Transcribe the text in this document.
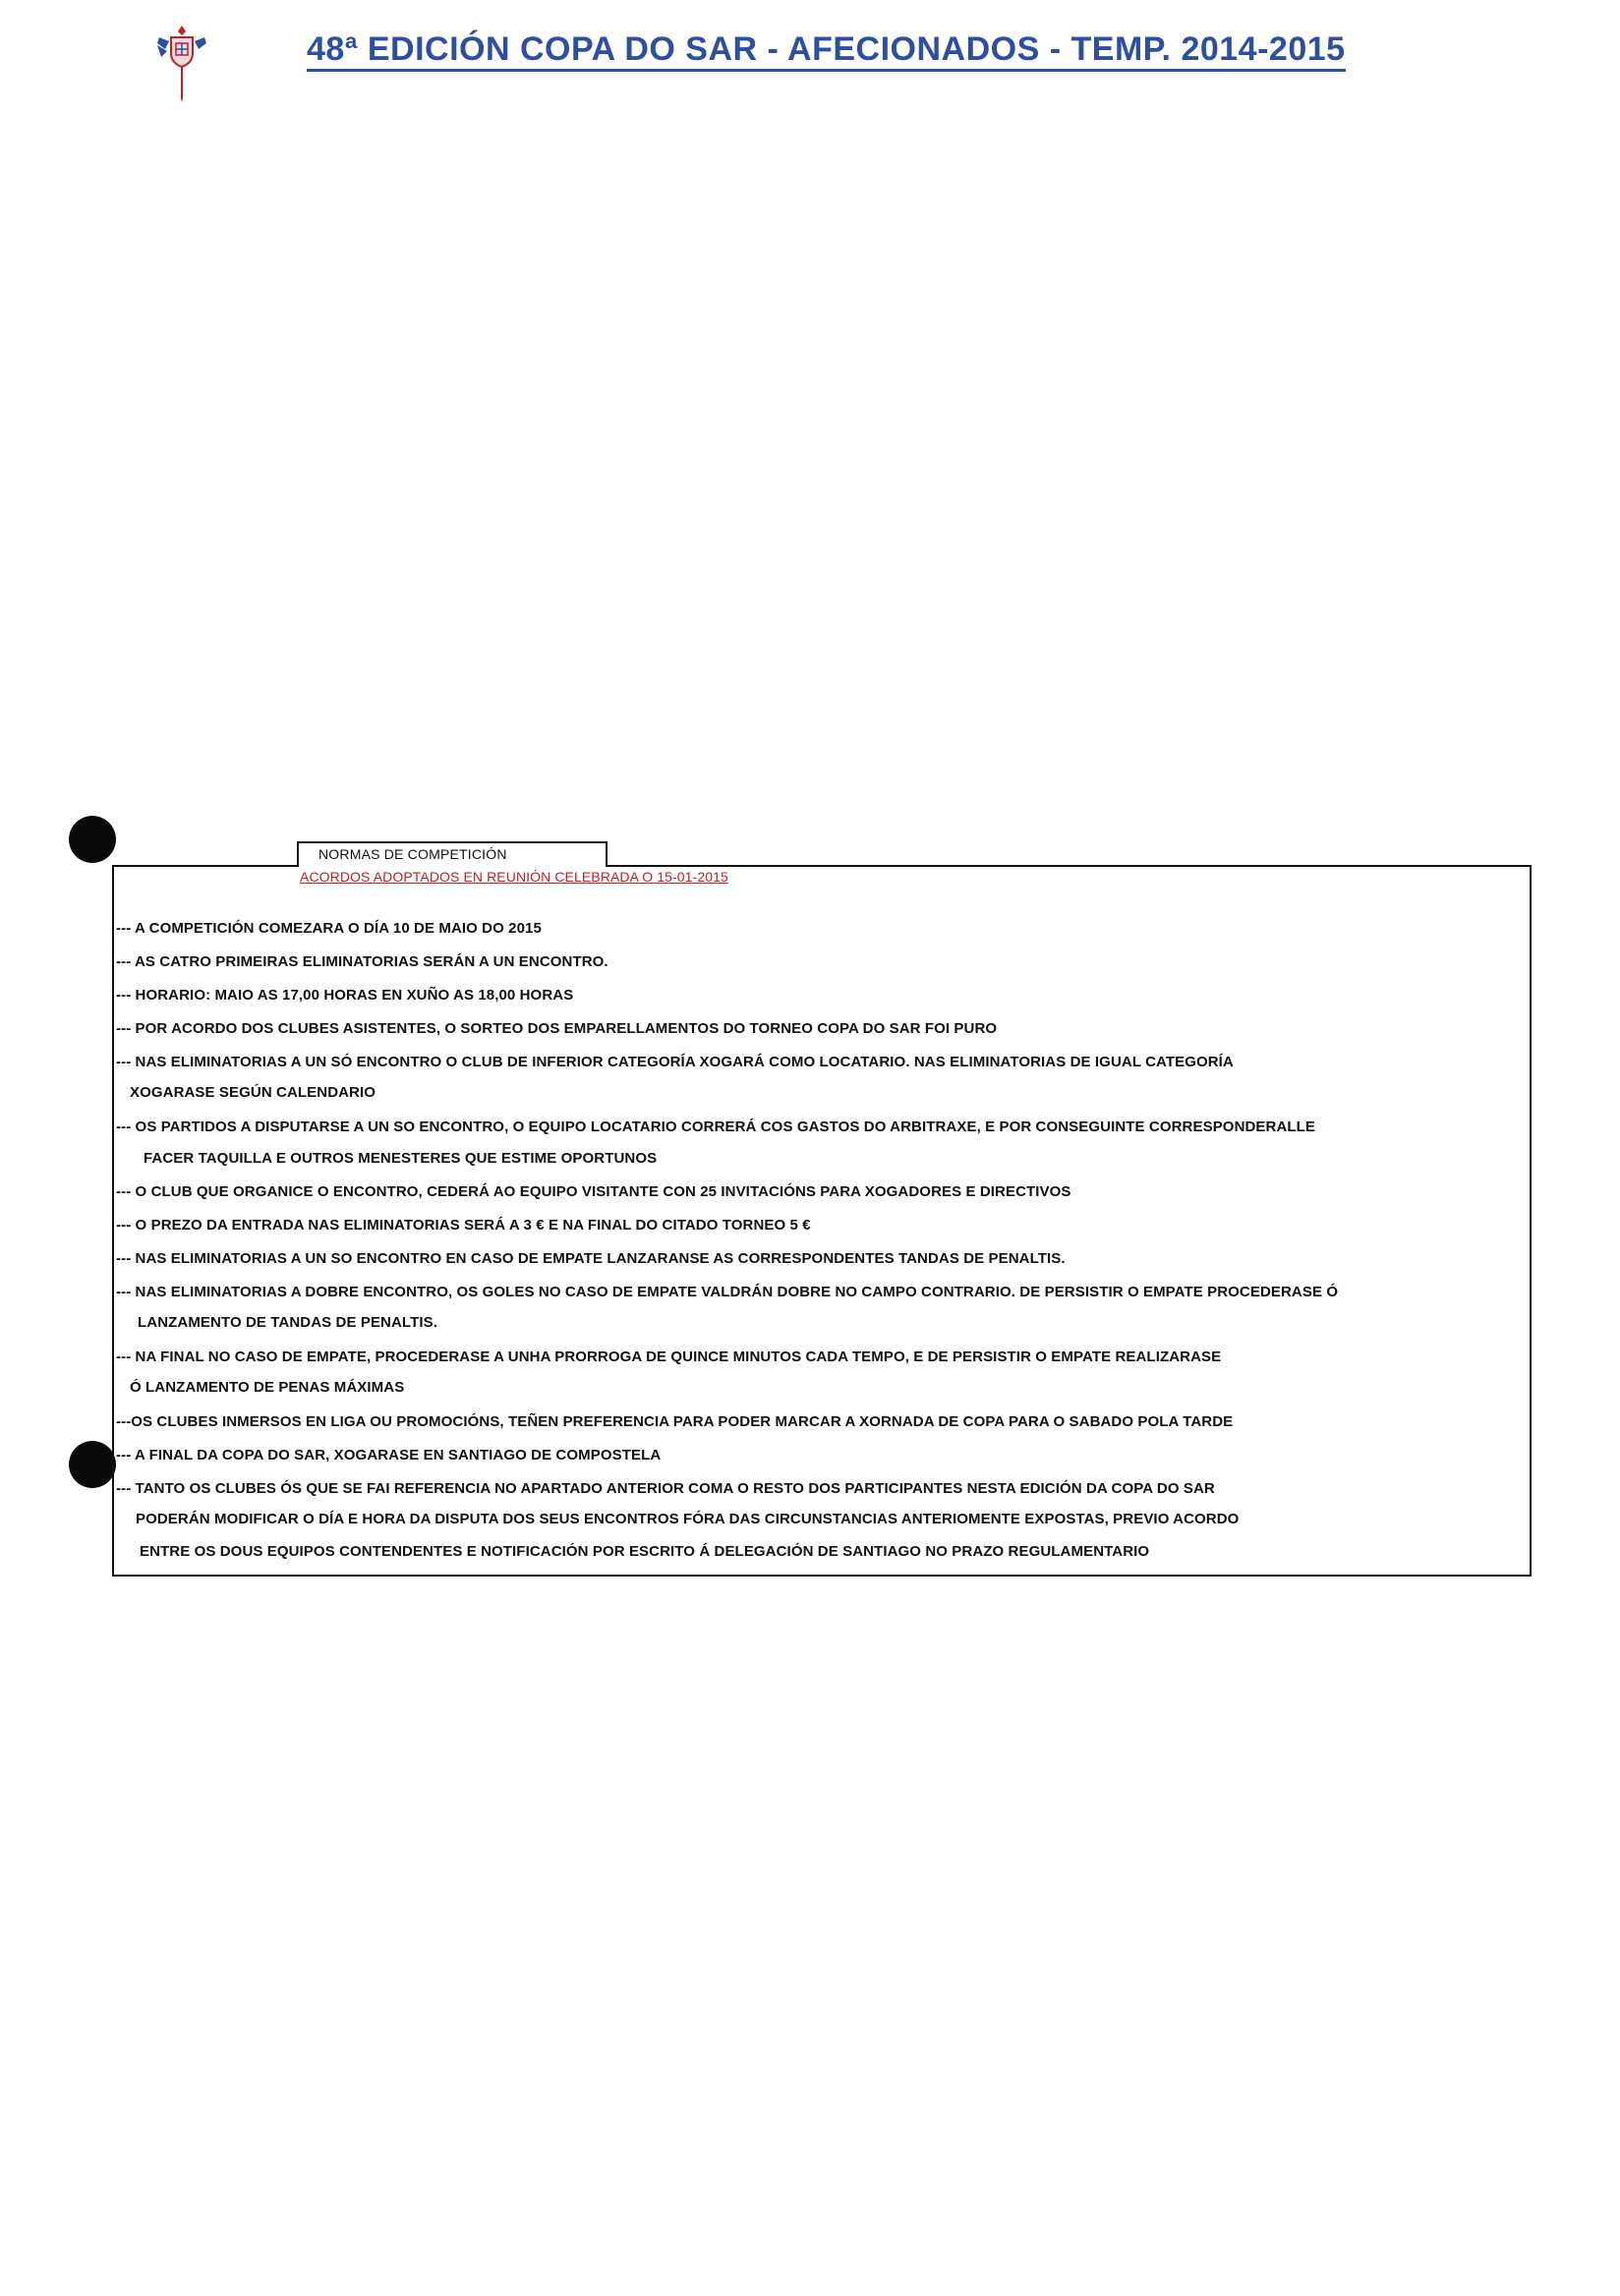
48ª EDICIÓN COPA DO SAR - AFECIONADOS - TEMP. 2014-2015
NORMAS DE COMPETICIÓN
ACORDOS ADOPTADOS EN REUNIÓN CELEBRADA O 15-01-2015
--- A COMPETICIÓN COMEZARA O DÍA 10 DE MAIO DO 2015
--- AS CATRO PRIMEIRAS ELIMINATORIAS SERÁN A UN ENCONTRO.
--- HORARIO: MAIO AS 17,00 HORAS EN XUÑO AS 18,00 HORAS
--- POR ACORDO DOS CLUBES ASISTENTES, O SORTEO DOS EMPARELLAMENTOS DO TORNEO COPA DO SAR FOI PURO
--- NAS ELIMINATORIAS A UN SÓ ENCONTRO O CLUB DE INFERIOR CATEGORÍA XOGARÁ COMO LOCATARIO. NAS ELIMINATORIAS DE IGUAL CATEGORÍA
XOGARASE SEGÚN CALENDARIO
--- OS PARTIDOS A DISPUTARSE A UN SO ENCONTRO, O EQUIPO LOCATARIO CORRERÁ COS GASTOS DO ARBITRAXE, E POR CONSEGUINTE CORRESPONDERALLE
FACER TAQUILLA E OUTROS MENESTERES QUE ESTIME OPORTUNOS
--- O CLUB QUE ORGANICE O ENCONTRO, CEDERÁ AO EQUIPO VISITANTE CON 25 INVITACIÓNS PARA XOGADORES E DIRECTIVOS
--- O PREZO DA ENTRADA NAS ELIMINATORIAS SERÁ A 3 € E NA FINAL DO CITADO TORNEO 5 €
--- NAS ELIMINATORIAS A UN SO ENCONTRO EN CASO DE EMPATE LANZARANSE AS CORRESPONDENTES TANDAS DE PENALTIS.
--- NAS ELIMINATORIAS A DOBRE ENCONTRO, OS GOLES NO CASO DE EMPATE VALDRÁN DOBRE NO CAMPO CONTRARIO. DE PERSISTIR O EMPATE PROCEDERASE Ó
LANZAMENTO DE TANDAS DE PENALTIS.
--- NA FINAL NO CASO DE EMPATE, PROCEDERASE A UNHA PRORROGA DE QUINCE MINUTOS CADA TEMPO, E DE PERSISTIR O EMPATE REALIZARASE
Ó LANZAMENTO DE PENAS MÁXIMAS
---OS CLUBES INMERSOS EN LIGA OU PROMOCIÓNS, TEÑEN PREFERENCIA PARA PODER MARCAR A XORNADA DE COPA PARA O SABADO POLA TARDE
--- A FINAL DA COPA DO SAR, XOGARASE EN SANTIAGO DE COMPOSTELA
--- TANTO OS CLUBES ÓS QUE SE FAI REFERENCIA NO APARTADO ANTERIOR COMA O RESTO DOS PARTICIPANTES NESTA EDICIÓN DA COPA DO SAR
PODERÁN MODIFICAR O DÍA E HORA DA DISPUTA DOS SEUS ENCONTROS FÓRA DAS CIRCUNSTANCIAS ANTERIOMENTE EXPOSTAS, PREVIO ACORDO
ENTRE OS DOUS EQUIPOS CONTENDENTES E NOTIFICACIÓN POR ESCRITO Á DELEGACIÓN DE SANTIAGO NO PRAZO REGULAMENTARIO
